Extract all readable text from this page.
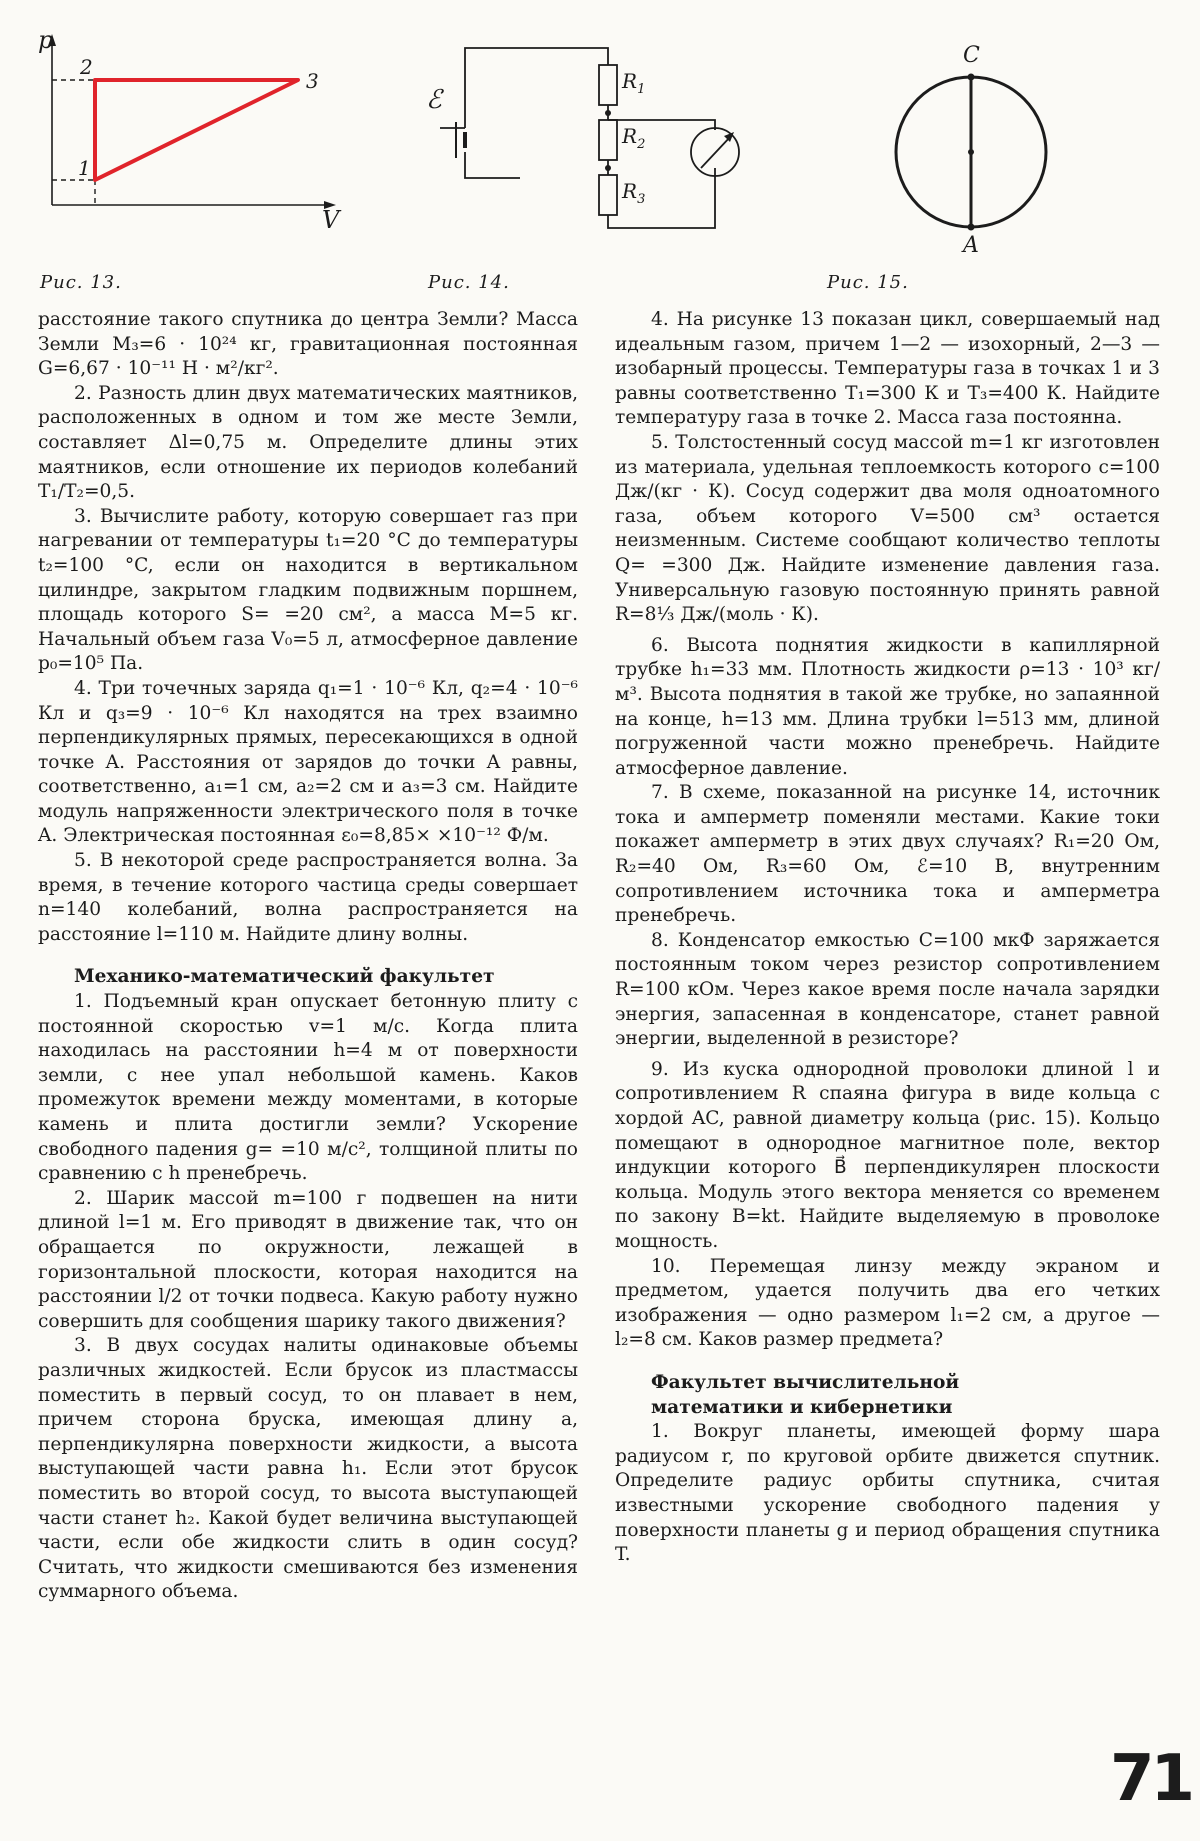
p
V
1
2
3
ℰ
$R_1$
$R_2$
$R_3$
C
A
Рис. 13.	Рис. 14.	Рис. 15.

расстояние такого спутника до центра Земли? Масса Земли M₃=6 · 10²⁴ кг, гравитационная постоянная G=6,67 · 10⁻¹¹ Н · м²/кг².

2. Разность длин двух математических маятников, расположенных в одном и том же месте Земли, составляет Δl=0,75 м. Определите длины этих маятников, если отношение их периодов колебаний T₁/T₂=0,5.

3. Вычислите работу, которую совершает газ при нагревании от температуры t₁=20 °C до температуры t₂=100 °C, если он находится в вертикальном цилиндре, закрытом гладким подвижным поршнем, площадь которого S= =20 см², а масса M=5 кг. Начальный объем газа V₀=5 л, атмосферное давление p₀=10⁵ Па.

4. Три точечных заряда q₁=1 · 10⁻⁶ Кл, q₂=4 · 10⁻⁶ Кл и q₃=9 · 10⁻⁶ Кл находятся на трех взаимно перпендикулярных прямых, пересекающихся в одной точке A. Расстояния от зарядов до точки A равны, соответственно, a₁=1 см, a₂=2 см и a₃=3 см. Найдите модуль напряженности электрического поля в точке A. Электрическая постоянная ε₀=8,85× ×10⁻¹² Ф/м.

5. В некоторой среде распространяется волна. За время, в течение которого частица среды совершает n=140 колебаний, волна распространяется на расстояние l=110 м. Найдите длину волны.

Механико-математический факультет

1. Подъемный кран опускает бетонную плиту с постоянной скоростью v=1 м/с. Когда плита находилась на расстоянии h=4 м от поверхности земли, с нее упал небольшой камень. Каков промежуток времени между моментами, в которые камень и плита достигли земли? Ускорение свободного падения g= =10 м/с², толщиной плиты по сравнению с h пренебречь.

2. Шарик массой m=100 г подвешен на нити длиной l=1 м. Его приводят в движение так, что он обращается по окружности, лежащей в горизонтальной плоскости, которая находится на расстоянии l/2 от точки подвеса. Какую работу нужно совершить для сообщения шарику такого движения?

3. В двух сосудах налиты одинаковые объемы различных жидкостей. Если брусок из пластмассы поместить в первый сосуд, то он плавает в нем, причем сторона бруска, имеющая длину a, перпендикулярна поверхности жидкости, а высота выступающей части равна h₁. Если этот брусок поместить во второй сосуд, то высота выступающей части станет h₂. Какой будет величина выступающей части, если обе жидкости слить в один сосуд? Считать, что жидкости смешиваются без изменения суммарного объема.

4. На рисунке 13 показан цикл, совершаемый над идеальным газом, причем 1—2 — изохорный, 2—3 — изобарный процессы. Температуры газа в точках 1 и 3 равны соответственно T₁=300 К и T₃=400 К. Найдите температуру газа в точке 2. Масса газа постоянна.

5. Толстостенный сосуд массой m=1 кг изготовлен из материала, удельная теплоемкость которого c=100 Дж/(кг · К). Сосуд содержит два моля одноатомного газа, объем которого V=500 см³ остается неизменным. Системе сообщают количество теплоты Q= =300 Дж. Найдите изменение давления газа. Универсальную газовую постоянную принять равной R=8⅓ Дж/(моль · К).

6. Высота поднятия жидкости в капиллярной трубке h₁=33 мм. Плотность жидкости ρ=13 · 10³ кг/м³. Высота поднятия в такой же трубке, но запаянной на конце, h=13 мм. Длина трубки l=513 мм, длиной погруженной части можно пренебречь. Найдите атмосферное давление.

7. В схеме, показанной на рисунке 14, источник тока и амперметр поменяли местами. Какие токи покажет амперметр в этих двух случаях? R₁=20 Ом, R₂=40 Ом, R₃=60 Ом, ℰ=10 В, внутренним сопротивлением источника тока и амперметра пренебречь.

8. Конденсатор емкостью C=100 мкФ заряжается постоянным током через резистор сопротивлением R=100 кОм. Через какое время после начала зарядки энергия, запасенная в конденсаторе, станет равной энергии, выделенной в резисторе?

9. Из куска однородной проволоки длиной l и сопротивлением R спаяна фигура в виде кольца с хордой AC, равной диаметру кольца (рис. 15). Кольцо помещают в однородное магнитное поле, вектор индукции которого B⃗ перпендикулярен плоскости кольца. Модуль этого вектора меняется со временем по закону B=kt. Найдите выделяемую в проволоке мощность.

10. Перемещая линзу между экраном и предметом, удается получить два его четких изображения — одно размером l₁=2 см, а другое — l₂=8 см. Каков размер предмета?

Факультет вычислительной
математики и кибернетики

1. Вокруг планеты, имеющей форму шара радиусом r, по круговой орбите движется спутник. Определите радиус орбиты спутника, считая известными ускорение свободного падения у поверхности планеты g и период обращения спутника T.

71
